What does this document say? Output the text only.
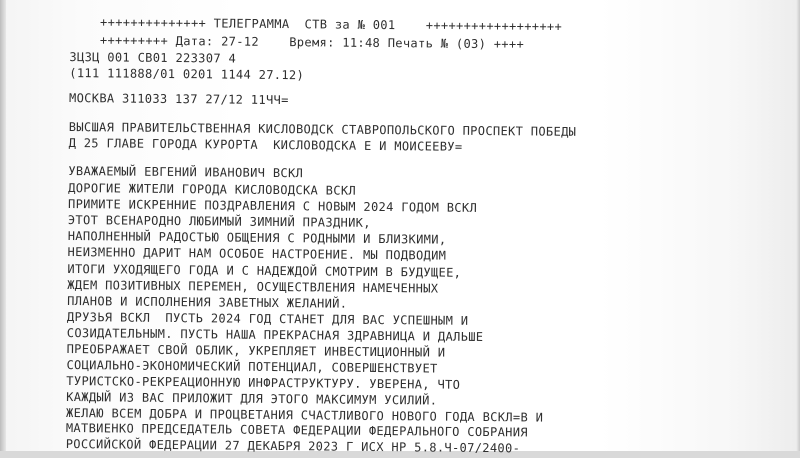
++++++++++++++ ТЕЛЕГРАММА  СТВ за № 001    ++++++++++++++++++

+++++++++ Дата: 27-12    Время: 11:48 Печать № (03) ++++

ЗЦЗЦ 001 СВ01 223307 4

(111 111888/01 0201 1144 27.12)

МОСКВА 311033 137 27/12 11ЧЧ=

ВЫСШАЯ ПРАВИТЕЛЬСТВЕННАЯ КИСЛОВОДСК СТАВРОПОЛЬСКОГО ПРОСПЕКТ ПОБЕДЫ

Д 25 ГЛАВЕ ГОРОДА КУРОРТА  КИСЛОВОДСКА Е И МОИСЕЕВУ=

УВАЖАЕМЫЙ ЕВГЕНИЙ ИВАНОВИЧ ВСКЛ

ДОРОГИЕ ЖИТЕЛИ ГОРОДА КИСЛОВОДСКА ВСКЛ

ПРИМИТЕ ИСКРЕННИЕ ПОЗДРАВЛЕНИЯ С НОВЫМ 2024 ГОДОМ ВСКЛ

ЭТОТ ВСЕНАРОДНО ЛЮБИМЫЙ ЗИМНИЙ ПРАЗДНИК,

НАПОЛНЕННЫЙ РАДОСТЬЮ ОБЩЕНИЯ С РОДНЫМИ И БЛИЗКИМИ,

НЕИЗМЕННО ДАРИТ НАМ ОСОБОЕ НАСТРОЕНИЕ. МЫ ПОДВОДИМ

ИТОГИ УХОДЯЩЕГО ГОДА И С НАДЕЖДОЙ СМОТРИМ В БУДУЩЕЕ,

ЖДЕМ ПОЗИТИВНЫХ ПЕРЕМЕН, ОСУЩЕСТВЛЕНИЯ НАМЕЧЕННЫХ

ПЛАНОВ И ИСПОЛНЕНИЯ ЗАВЕТНЫХ ЖЕЛАНИЙ.

ДРУЗЬЯ ВСКЛ  ПУСТЬ 2024 ГОД СТАНЕТ ДЛЯ ВАС УСПЕШНЫМ И

СОЗИДАТЕЛЬНЫМ. ПУСТЬ НАША ПРЕКРАСНАЯ ЗДРАВНИЦА И ДАЛЬШЕ

ПРЕОБРАЖАЕТ СВОЙ ОБЛИК, УКРЕПЛЯЕТ ИНВЕСТИЦИОННЫЙ И

СОЦИАЛЬНО-ЭКОНОМИЧЕСКИЙ ПОТЕНЦИАЛ, СОВЕРШЕНСТВУЕТ

ТУРИСТСКО-РЕКРЕАЦИОННУЮ ИНФРАСТРУКТУРУ. УВЕРЕНА, ЧТО

КАЖДЫЙ ИЗ ВАС ПРИЛОЖИТ ДЛЯ ЭТОГО МАКСИМУМ УСИЛИЙ.

ЖЕЛАЮ ВСЕМ ДОБРА И ПРОЦВЕТАНИЯ СЧАСТЛИВОГО НОВОГО ГОДА ВСКЛ=В И

МАТВИЕНКО ПРЕДСЕДАТЕЛЬ СОВЕТА ФЕДЕРАЦИИ ФЕДЕРАЛЬНОГО СОБРАНИЯ

РОССИЙСКОЙ ФЕДЕРАЦИИ 27 ДЕКАБРЯ 2023 Г ИСХ НР 5.8.Ч-07/2400-
